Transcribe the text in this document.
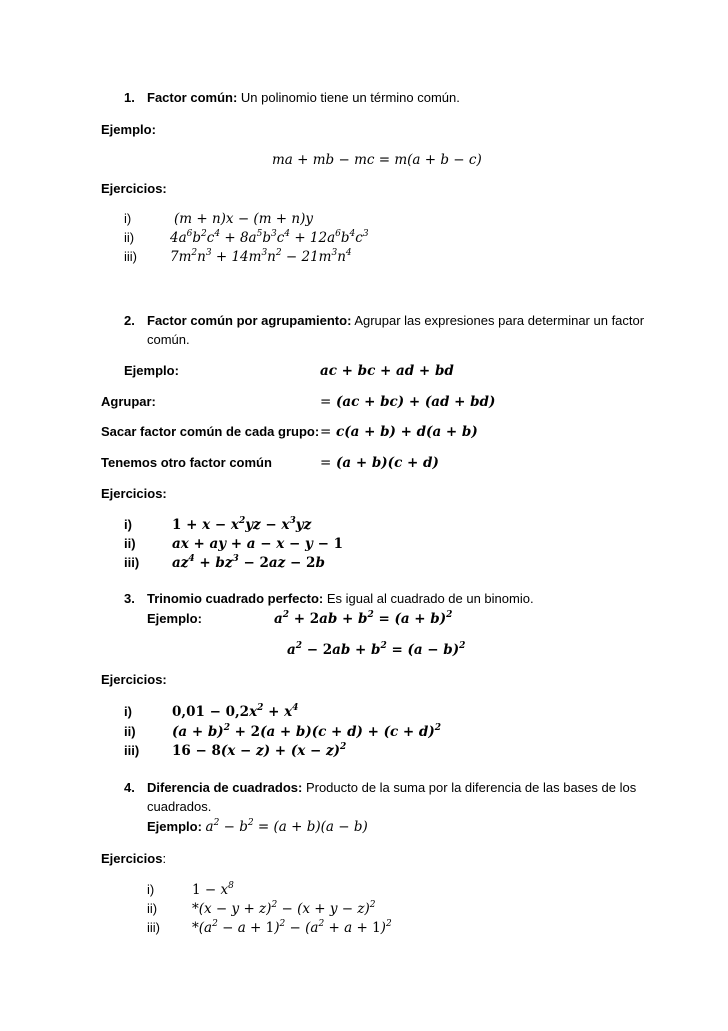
1. Factor común: Un polinomio tiene un término común.
Ejemplo:
ma + mb − mc = m(a + b − c)
Ejercicios:
i)	(m + n)x − (m + n)y
ii)	$4a^6b^2c^4 + 8a^5b^3c^4 + 12a^6b^4c^3$
iii) $7m^2n^3 + 14m^3n^2 - 21m^3n^4$
2. Factor común por agrupamiento: Agrupar las expresiones para determinar un factor
común.
Ejemplo:	ac + bc + ad + bd
Agrupar:	= (ac + bc) + (ad + bd)
Sacar factor común de cada grupo: = c(a + b) + d(a + b)
Tenemos otro factor común	= (a + b)(c + d)
Ejercicios:
i)	$1 + x - x^2yz - x^3yz$
ii)	ax + ay + a − x − y − 1
iii) $az^4 + bz^3 - 2az - 2b$
3. Trinomio cuadrado perfecto: Es igual al cuadrado de un binomio.
Ejemplo:	$a^2 + 2ab + b^2 = (a + b)^2$
$a^2 - 2ab + b^2 = (a - b)^2$
Ejercicios:
i)	$0,01 - 0,2x^2 + x^4$
ii)	$(a + b)^2 + 2(a + b)(c + d) + (c + d)^2$
iii) $16 - 8(x - z) + (x - z)^2$
4. Diferencia de cuadrados: Producto de la suma por la diferencia de las bases de los
cuadrados.
Ejemplo: $a^2 - b^2 = (a + b)(a - b)$
Ejercicios:
i)	$1 - x^8$
ii)	$*(x - y + z)^2 - (x + y - z)^2$
iii) $*(a^2 - a + 1)^2 - (a^2 + a + 1)^2$
